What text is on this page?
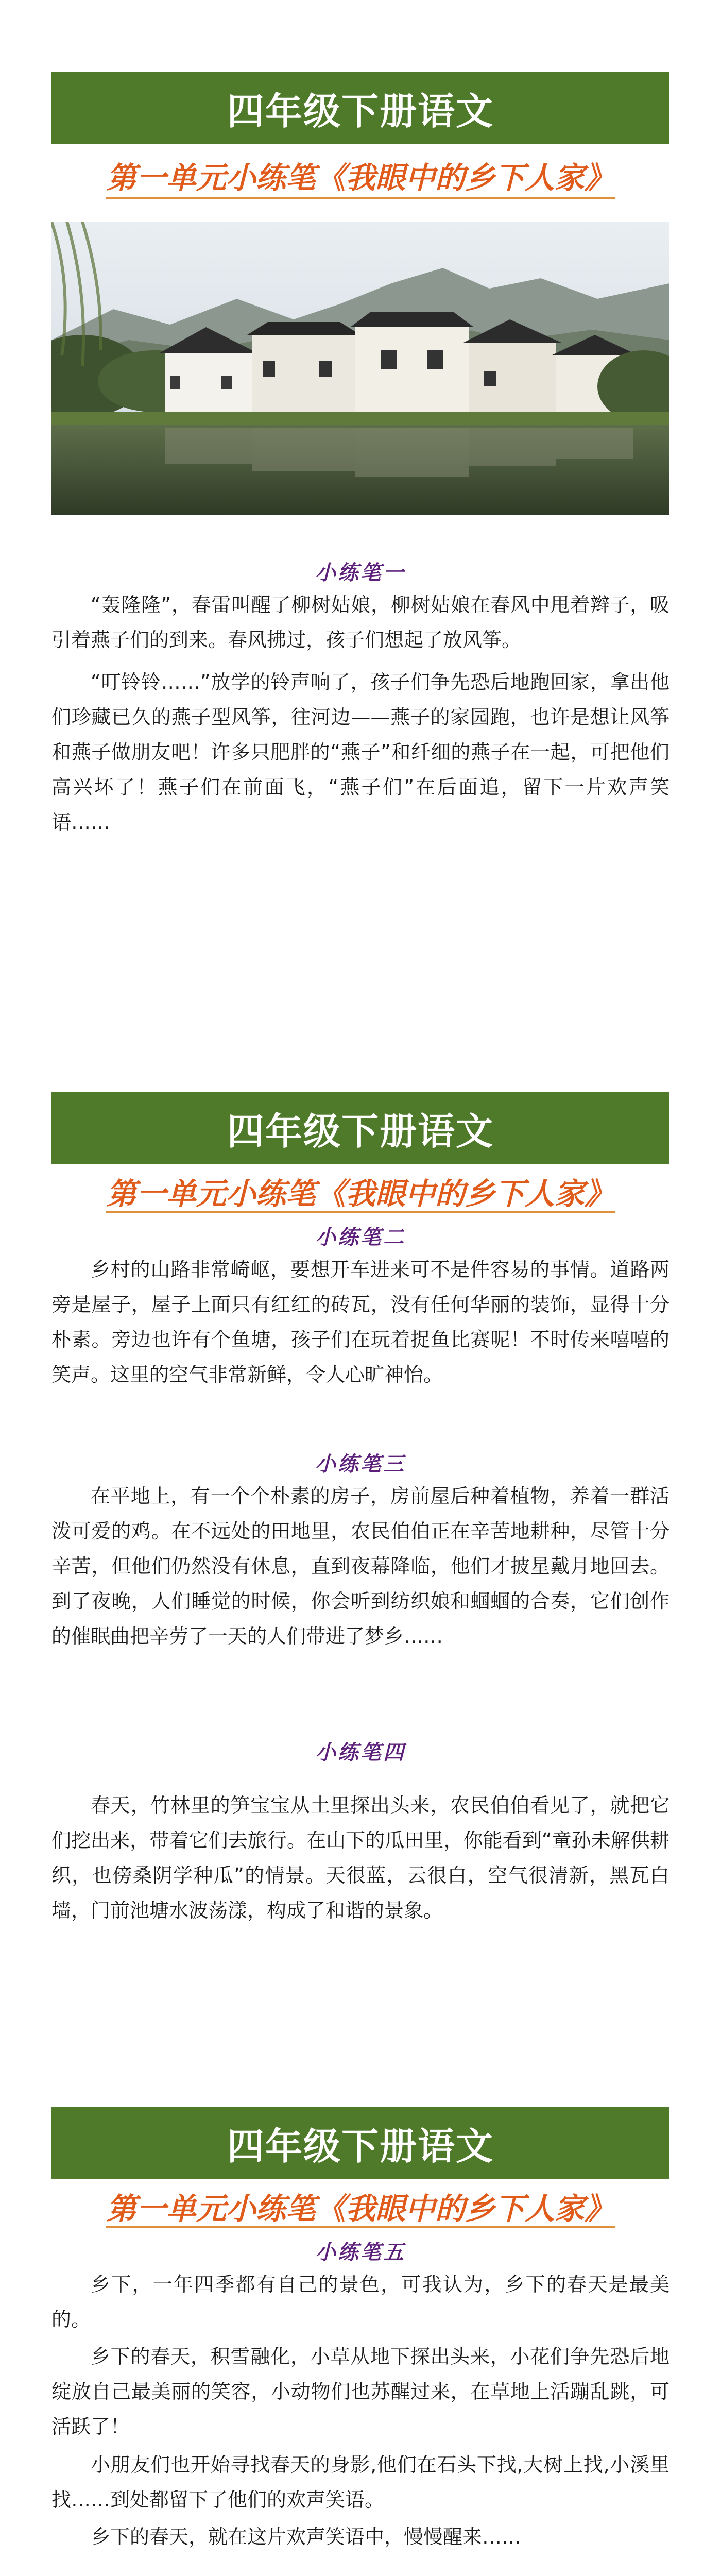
四年级下册语文
第一单元小练笔《我眼中的乡下人家》
小练笔一

“轰隆隆”，春雷叫醒了柳树姑娘，柳树姑娘在春风中甩着辫子，吸引着燕子们的到来。春风拂过，孩子们想起了放风筝。

“叮铃铃……”放学的铃声响了，孩子们争先恐后地跑回家，拿出他们珍藏已久的燕子型风筝，往河边——燕子的家园跑，也许是想让风筝和燕子做朋友吧！许多只肥胖的“燕子”和纤细的燕子在一起，可把他们高兴坏了！燕子们在前面飞，“燕子们”在后面追，留下一片欢声笑语……

四年级下册语文
第一单元小练笔《我眼中的乡下人家》
小练笔二

乡村的山路非常崎岖，要想开车进来可不是件容易的事情。道路两旁是屋子，屋子上面只有红红的砖瓦，没有任何华丽的装饰，显得十分朴素。旁边也许有个鱼塘，孩子们在玩着捉鱼比赛呢！不时传来嘻嘻的笑声。这里的空气非常新鲜，令人心旷神怡。

小练笔三

在平地上，有一个个朴素的房子，房前屋后种着植物，养着一群活泼可爱的鸡。在不远处的田地里，农民伯伯正在辛苦地耕种，尽管十分辛苦，但他们仍然没有休息，直到夜幕降临，他们才披星戴月地回去。到了夜晚，人们睡觉的时候，你会听到纺织娘和蝈蝈的合奏，它们创作的催眠曲把辛劳了一天的人们带进了梦乡……

小练笔四

春天，竹林里的笋宝宝从土里探出头来，农民伯伯看见了，就把它们挖出来，带着它们去旅行。在山下的瓜田里，你能看到“童孙未解供耕织，也傍桑阴学种瓜”的情景。天很蓝，云很白，空气很清新，黑瓦白墙，门前池塘水波荡漾，构成了和谐的景象。

四年级下册语文
第一单元小练笔《我眼中的乡下人家》
小练笔五

乡下，一年四季都有自己的景色，可我认为，乡下的春天是最美的。

乡下的春天，积雪融化，小草从地下探出头来，小花们争先恐后地绽放自己最美丽的笑容，小动物们也苏醒过来，在草地上活蹦乱跳，可活跃了！

小朋友们也开始寻找春天的身影,他们在石头下找,大树上找,小溪里找……到处都留下了他们的欢声笑语。

乡下的春天，就在这片欢声笑语中，慢慢醒来……
